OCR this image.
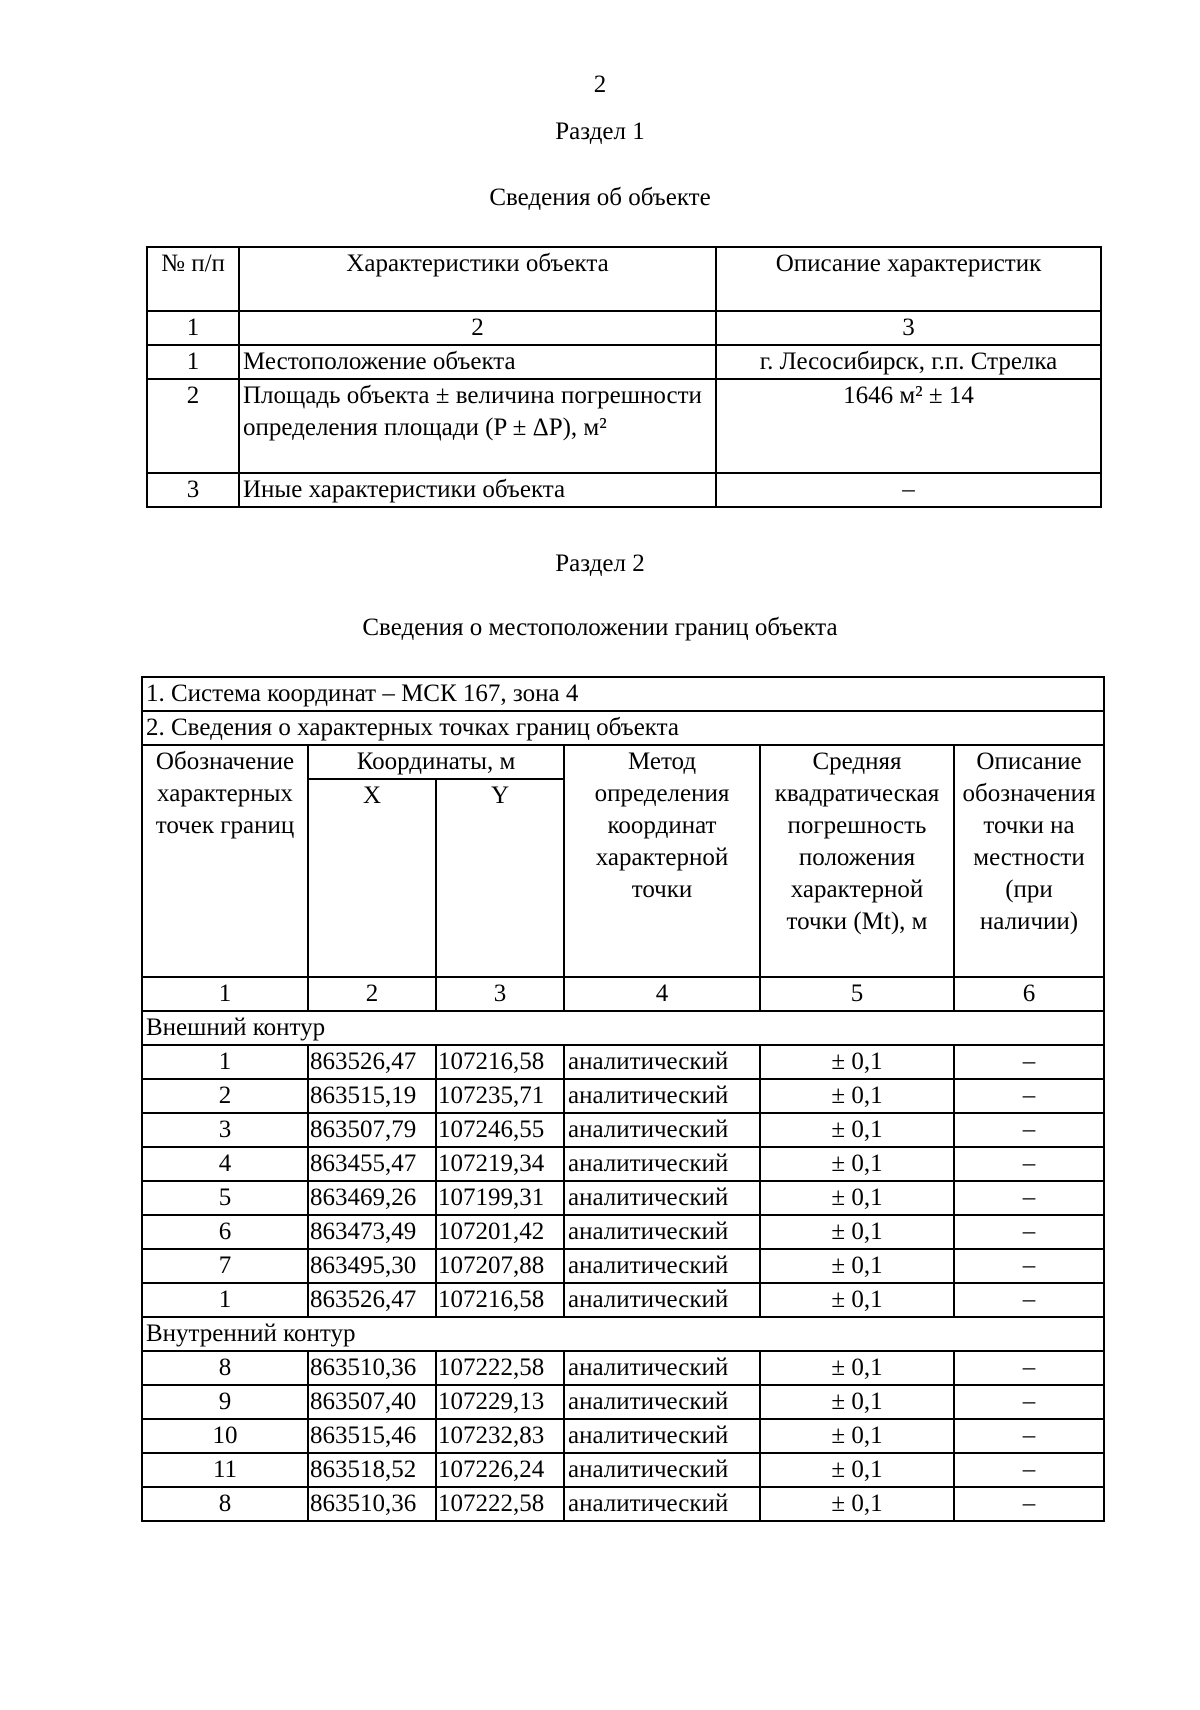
2
Раздел 1
Сведения об объекте
№ п/п	Характеристики объекта	Описание характеристик
1	2	3
1	Местоположение объекта	г. Лесосибирск, г.п. Стрелка
2	Площадь объекта ± величина погрешности определения площади (P ± ΔP), м²	1646 м² ± 14
3	Иные характеристики объекта	–
Раздел 2
Сведения о местоположении границ объекта
1. Система координат – МСК 167, зона 4					
2. Сведения о характерных точках границ объекта					
Обозначение характерных точек границ	Координаты, м		Метод определения координат характерной точки	Средняя квадратическая погрешность положения характерной точки (Mt), м	Описание обозначения точки на местности (при наличии)
	X	Y			
1	2	3	4	5	6
Внешний контур					
1	863526,47	107216,58	аналитический	± 0,1	–
2	863515,19	107235,71	аналитический	± 0,1	–
3	863507,79	107246,55	аналитический	± 0,1	–
4	863455,47	107219,34	аналитический	± 0,1	–
5	863469,26	107199,31	аналитический	± 0,1	–
6	863473,49	107201,42	аналитический	± 0,1	–
7	863495,30	107207,88	аналитический	± 0,1	–
1	863526,47	107216,58	аналитический	± 0,1	–
Внутренний контур					
8	863510,36	107222,58	аналитический	± 0,1	–
9	863507,40	107229,13	аналитический	± 0,1	–
10	863515,46	107232,83	аналитический	± 0,1	–
11	863518,52	107226,24	аналитический	± 0,1	–
8	863510,36	107222,58	аналитический	± 0,1	–
